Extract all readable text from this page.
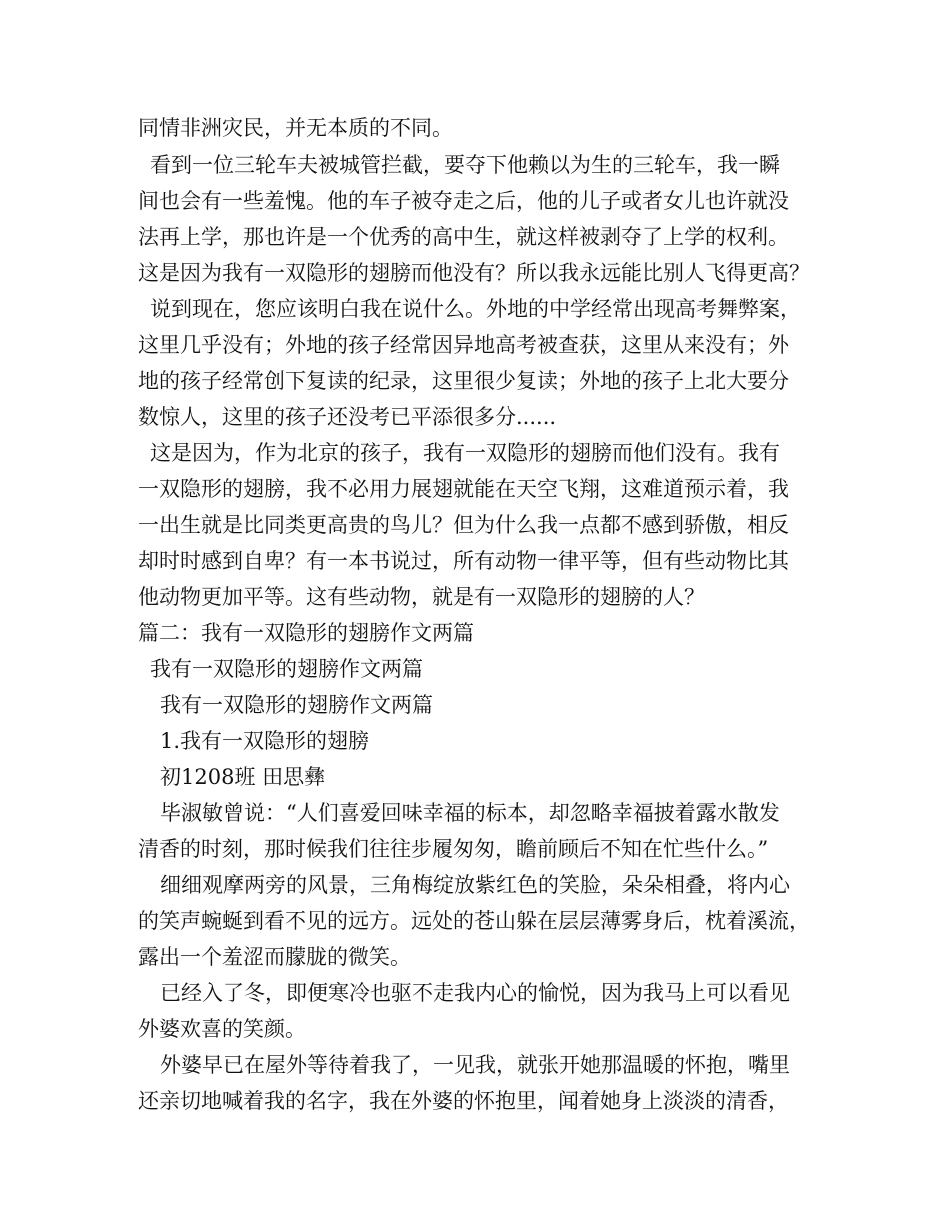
同情非洲灾民，并无本质的不同。
看到一位三轮车夫被城管拦截，要夺下他赖以为生的三轮车，我一瞬
间也会有一些羞愧。他的车子被夺走之后，他的儿子或者女儿也许就没
法再上学，那也许是一个优秀的高中生，就这样被剥夺了上学的权利。
这是因为我有一双隐形的翅膀而他没有？所以我永远能比别人飞得更高？
说到现在，您应该明白我在说什么。外地的中学经常出现高考舞弊案，
这里几乎没有；外地的孩子经常因异地高考被查获，这里从来没有；外
地的孩子经常创下复读的纪录，这里很少复读；外地的孩子上北大要分
数惊人，这里的孩子还没考已平添很多分......
这是因为，作为北京的孩子，我有一双隐形的翅膀而他们没有。我有
一双隐形的翅膀，我不必用力展翅就能在天空飞翔，这难道预示着，我
一出生就是比同类更高贵的鸟儿？但为什么我一点都不感到骄傲，相反
却时时感到自卑？有一本书说过，所有动物一律平等，但有些动物比其
他动物更加平等。这有些动物，就是有一双隐形的翅膀的人？
篇二：我有一双隐形的翅膀作文两篇
我有一双隐形的翅膀作文两篇
我有一双隐形的翅膀作文两篇
1.我有一双隐形的翅膀
初1208班 田思彝
毕淑敏曾说：“人们喜爱回味幸福的标本，却忽略幸福披着露水散发
清香的时刻，那时候我们往往步履匆匆，瞻前顾后不知在忙些什么。”
细细观摩两旁的风景，三角梅绽放紫红色的笑脸，朵朵相叠，将内心
的笑声蜿蜒到看不见的远方。远处的苍山躲在层层薄雾身后，枕着溪流，
露出一个羞涩而朦胧的微笑。
已经入了冬，即便寒冷也驱不走我内心的愉悦，因为我马上可以看见
外婆欢喜的笑颜。
外婆早已在屋外等待着我了，一见我，就张开她那温暖的怀抱，嘴里
还亲切地喊着我的名字，我在外婆的怀抱里，闻着她身上淡淡的清香，
